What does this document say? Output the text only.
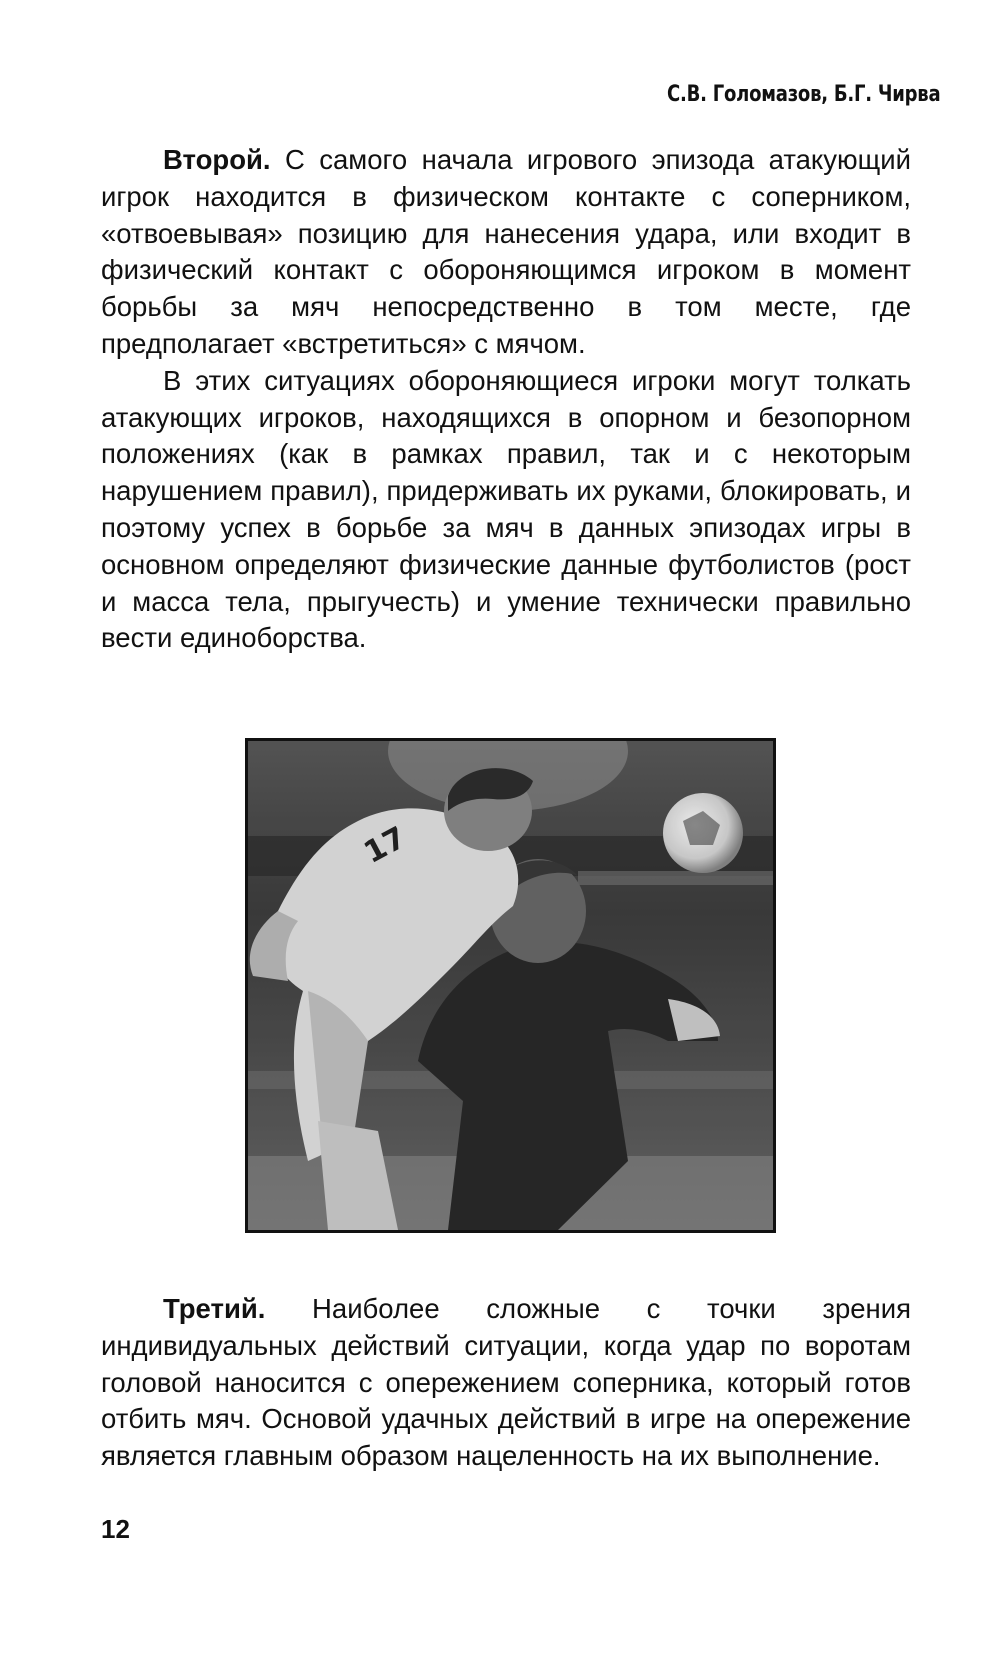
С.В. Голомазов, Б.Г. Чирва

Второй. С самого начала игрового эпизода атакующий игрок находится в физическом контакте с соперником, «отвоевывая» позицию для нанесения удара, или входит в физический контакт с обороняющимся игроком в момент борьбы за мяч непосредственно в том месте, где предполагает «встретиться» с мячом.

В этих ситуациях обороняющиеся игроки могут толкать атакующих игроков, находящихся в опорном и безопорном положениях (как в рамках правил, так и с некоторым нарушением правил), придерживать их руками, блокировать, и поэтому успех в борьбе за мяч в данных эпизодах игры в основном определяют физические данные футболистов (рост и масса тела, прыгучесть) и умение технически правильно вести единоборства.

17

Третий. Наиболее сложные с точки зрения индивидуальных действий ситуации, когда удар по воротам головой наносится с опережением соперника, который готов отбить мяч. Основой удачных действий в игре на опережение является главным образом нацеленность на их выполнение.

12
